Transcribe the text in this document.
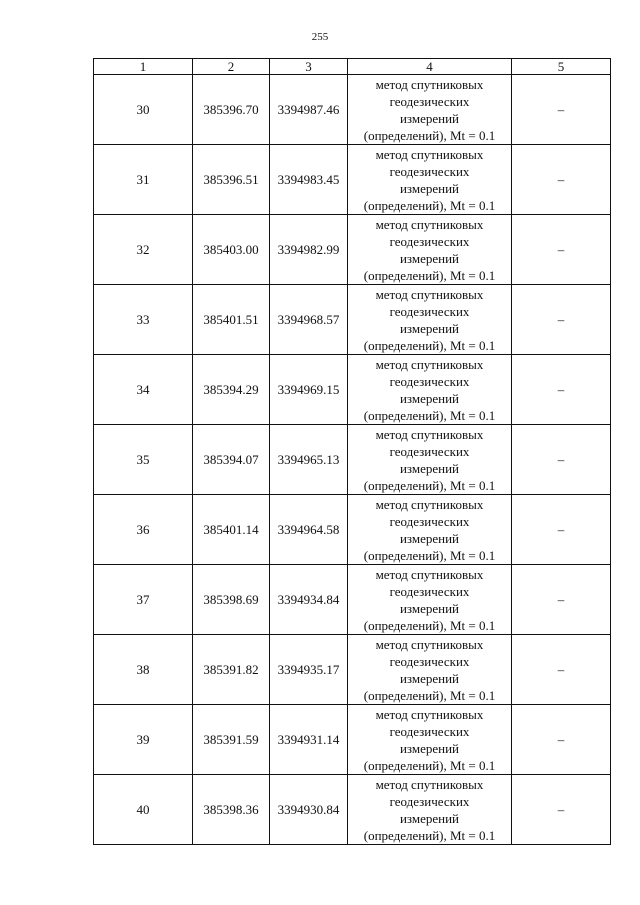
255
1	2	3	4	5
30	385396.70	3394987.46	метод спутниковых
геодезических
измерений
(определений), Mt = 0.1	–
31	385396.51	3394983.45	метод спутниковых
геодезических
измерений
(определений), Mt = 0.1	–
32	385403.00	3394982.99	метод спутниковых
геодезических
измерений
(определений), Mt = 0.1	–
33	385401.51	3394968.57	метод спутниковых
геодезических
измерений
(определений), Mt = 0.1	–
34	385394.29	3394969.15	метод спутниковых
геодезических
измерений
(определений), Mt = 0.1	–
35	385394.07	3394965.13	метод спутниковых
геодезических
измерений
(определений), Mt = 0.1	–
36	385401.14	3394964.58	метод спутниковых
геодезических
измерений
(определений), Mt = 0.1	–
37	385398.69	3394934.84	метод спутниковых
геодезических
измерений
(определений), Mt = 0.1	–
38	385391.82	3394935.17	метод спутниковых
геодезических
измерений
(определений), Mt = 0.1	–
39	385391.59	3394931.14	метод спутниковых
геодезических
измерений
(определений), Mt = 0.1	–
40	385398.36	3394930.84	метод спутниковых
геодезических
измерений
(определений), Mt = 0.1	–
